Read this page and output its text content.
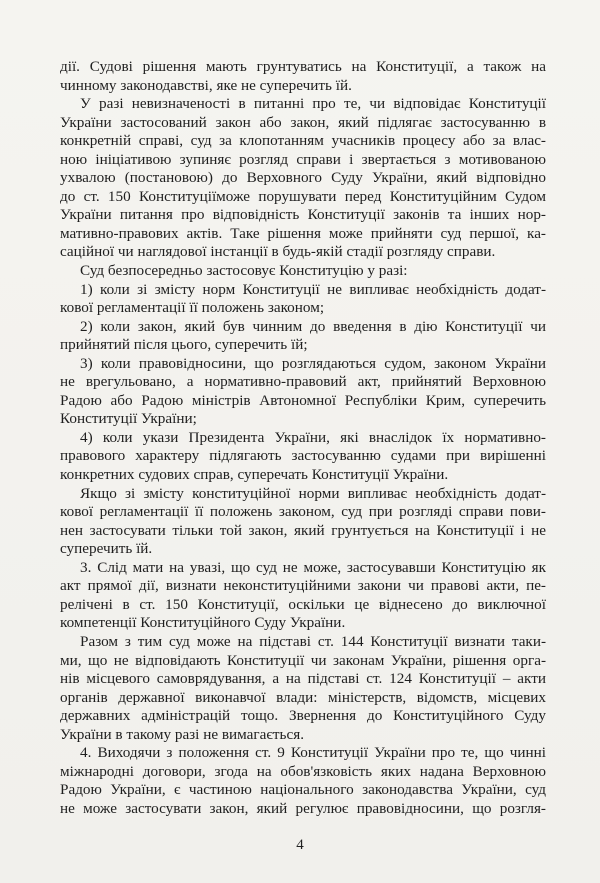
дії. Судові рішення мають грунтуватись на Конституції, а також на
чинному законодавстві, яке не суперечить їй.
У разі невизначеності в питанні про те, чи відповідає Конституції
України застосований закон або закон, який підлягає застосуванню в
конкретній справі, суд за клопотанням учасників процесу або за влас-
ною ініціативою зупиняє розгляд справи і звертається з мотивованою
ухвалою (постановою) до Верховного Суду України, який відповідно
до ст. 150 Конституціїможе порушувати перед Конституційним Судом
України питання про відповідність Конституції законів та інших нор-
мативно-правових актів. Таке рішення може прийняти суд першої, ка-
саційної чи наглядової інстанції в будь-якій стадії розгляду справи.
Суд безпосередньо застосовує Конституцію у разі:
1) коли зі змісту норм Конституції не випливає необхідність додат-
кової регламентації її положень законом;
2) коли закон, який був чинним до введення в дію Конституції чи
прийнятий після цього, суперечить їй;
3) коли правовідносини, що розглядаються судом, законом України
не врегульовано, а нормативно-правовий акт, прийнятий Верховною
Радою або Радою міністрів Автономної Республіки Крим, суперечить
Конституції України;
4) коли укази Президента України, які внаслідок їх нормативно-
правового характеру підлягають застосуванню судами при вирішенні
конкретних судових справ, суперечать Конституції України.
Якщо зі змісту конституційної норми випливає необхідність додат-
кової регламентації її положень законом, суд при розгляді справи пови-
нен застосувати тільки той закон, який грунтується на Конституції і не
суперечить їй.
3. Слід мати на увазі, що суд не може, застосувавши Конституцію як
акт прямої дії, визнати неконституційними закони чи правові акти, пе-
релічені в ст. 150 Конституції, оскільки це віднесено до виключної
компетенції Конституційного Суду України.
Разом з тим суд може на підставі ст. 144 Конституції визнати таки-
ми, що не відповідають Конституції чи законам України, рішення орга-
нів місцевого самоврядування, а на підставі ст. 124 Конституції – акти
органів державної виконавчої влади: міністерств, відомств, місцевих
державних адміністрацій тощо. Звернення до Конституційного Суду
України в такому разі не вимагається.
4. Виходячи з положення ст. 9 Конституції України про те, що чинні
міжнародні договори, згода на обов'язковість яких надана Верховною
Радою України, є частиною національного законодавства України, суд
не може застосувати закон, який регулює правовідносини, що розгля-
4
